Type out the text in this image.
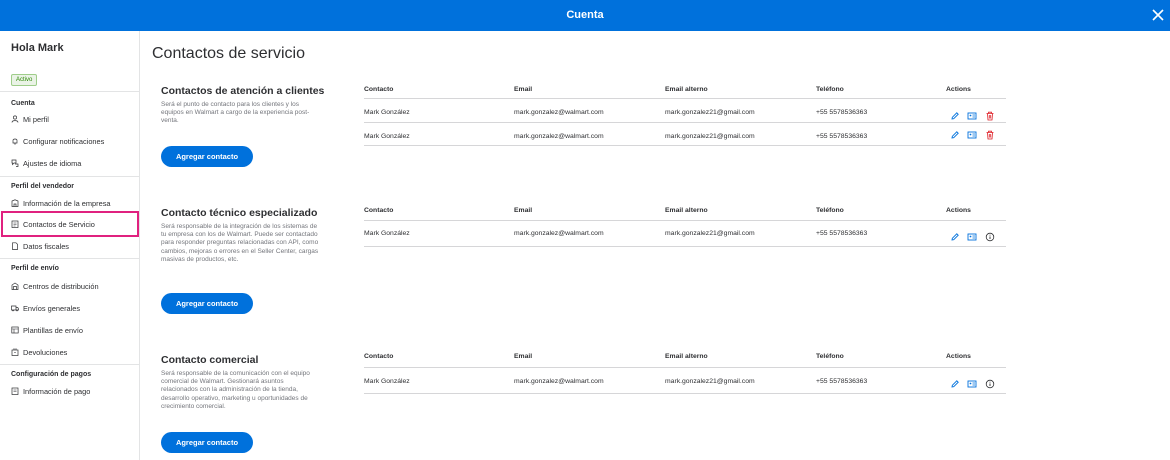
Cuenta
Hola Mark
Activo
Cuenta
Mi perfil
Configurar notificaciones
Ajustes de idioma
Perfil del vendedor
Información de la empresa
Contactos de Servicio
Datos fiscales
Perfil de envío
Centros de distribución
Envíos generales
Plantillas de envío
Devoluciones
Configuración de pagos
Información de pago
Contactos de servicio
Contactos de atención a clientes
Será el punto de contacto para los clientes y los equipos en Walmart a cargo de la experiencia post-venta.
Agregar contacto
Contacto	Email	Email alterno	Teléfono	Actions
Mark González	mark.gonzalez@walmart.com	mark.gonzalez21@gmail.com	+55 5578536363
Mark González	mark.gonzalez@walmart.com	mark.gonzalez21@gmail.com	+55 5578536363
Contacto técnico especializado
Será responsable de la integración de los sistemas de tu empresa con los de Walmart. Puede ser contactado para responder preguntas relacionadas con API, como cambios, mejoras o errores en el Seller Center, cargas masivas de productos, etc.
Agregar contacto
Contacto	Email	Email alterno	Teléfono	Actions
Mark González	mark.gonzalez@walmart.com	mark.gonzalez21@gmail.com	+55 5578536363
Contacto comercial
Será responsable de la comunicación con el equipo comercial de Walmart. Gestionará asuntos relacionados con la administración de la tienda, desarrollo operativo, marketing u oportunidades de crecimiento comercial.
Agregar contacto
Contacto	Email	Email alterno	Teléfono	Actions
Mark González	mark.gonzalez@walmart.com	mark.gonzalez21@gmail.com	+55 5578536363
